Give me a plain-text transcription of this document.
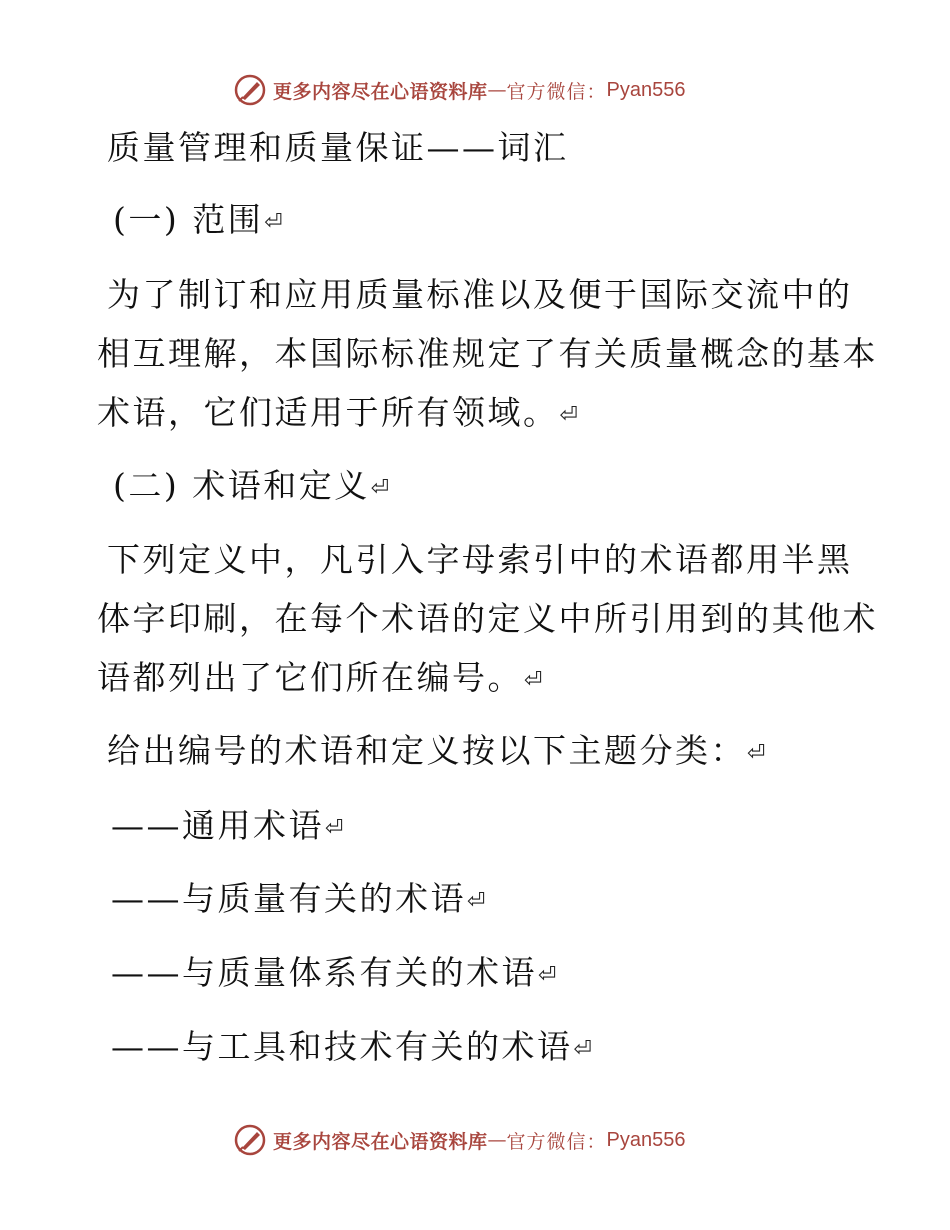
更多内容尽在心语资料库 — 官方微信： Pyan556

质量管理和质量保证——词汇

(一) 范围⏎

为了制订和应用质量标准以及便于国际交流中的

相互理解，本国际标准规定了有关质量概念的基本

术语，它们适用于所有领域。⏎

(二) 术语和定义⏎

下列定义中，凡引入字母索引中的术语都用半黑

体字印刷，在每个术语的定义中所引用到的其他术

语都列出了它们所在编号。⏎

给出编号的术语和定义按以下主题分类：⏎

——通用术语⏎

——与质量有关的术语⏎

——与质量体系有关的术语⏎

——与工具和技术有关的术语⏎

更多内容尽在心语资料库 — 官方微信： Pyan556
